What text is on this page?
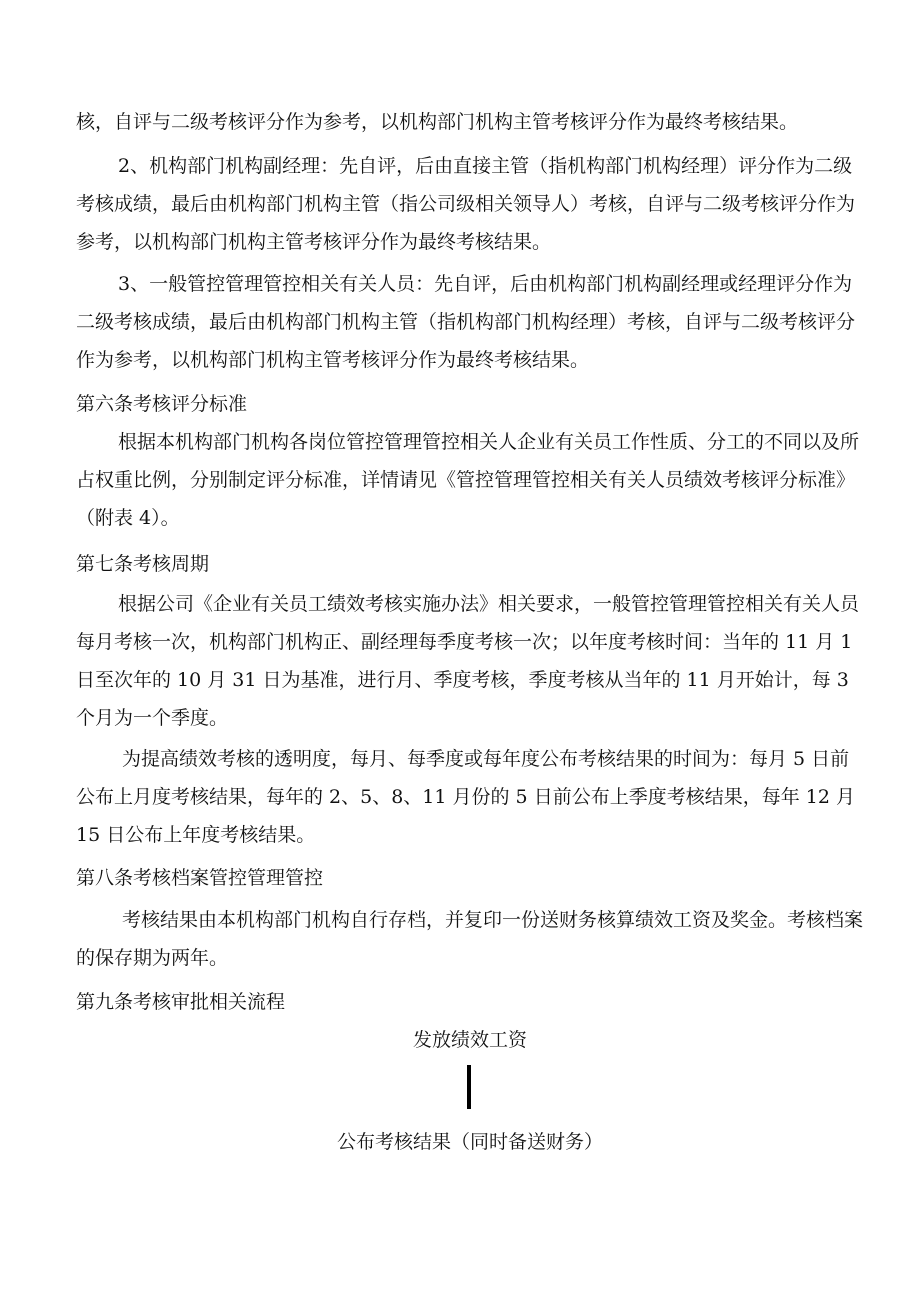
核，自评与二级考核评分作为参考，以机构部门机构主管考核评分作为最终考核结果。

2、机构部门机构副经理：先自评，后由直接主管（指机构部门机构经理）评分作为二级考核成绩，最后由机构部门机构主管（指公司级相关领导人）考核，自评与二级考核评分作为参考，以机构部门机构主管考核评分作为最终考核结果。

3、一般管控管理管控相关有关人员：先自评，后由机构部门机构副经理或经理评分作为二级考核成绩，最后由机构部门机构主管（指机构部门机构经理）考核，自评与二级考核评分作为参考，以机构部门机构主管考核评分作为最终考核结果。

第六条考核评分标准

根据本机构部门机构各岗位管控管理管控相关人企业有关员工作性质、分工的不同以及所占权重比例，分别制定评分标准，详情请见《管控管理管控相关有关人员绩效考核评分标准》（附表 4）。

第七条考核周期

根据公司《企业有关员工绩效考核实施办法》相关要求，一般管控管理管控相关有关人员每月考核一次，机构部门机构正、副经理每季度考核一次；以年度考核时间：当年的 11 月 1 日至次年的 10 月 31 日为基准，进行月、季度考核，季度考核从当年的 11 月开始计，每 3 个月为一个季度。

为提高绩效考核的透明度，每月、每季度或每年度公布考核结果的时间为：每月 5 日前公布上月度考核结果，每年的 2、5、8、11 月份的 5 日前公布上季度考核结果，每年 12 月 15 日公布上年度考核结果。

第八条考核档案管控管理管控

考核结果由本机构部门机构自行存档，并复印一份送财务核算绩效工资及奖金。考核档案的保存期为两年。

第九条考核审批相关流程

发放绩效工资
公布考核结果（同时备送财务）
